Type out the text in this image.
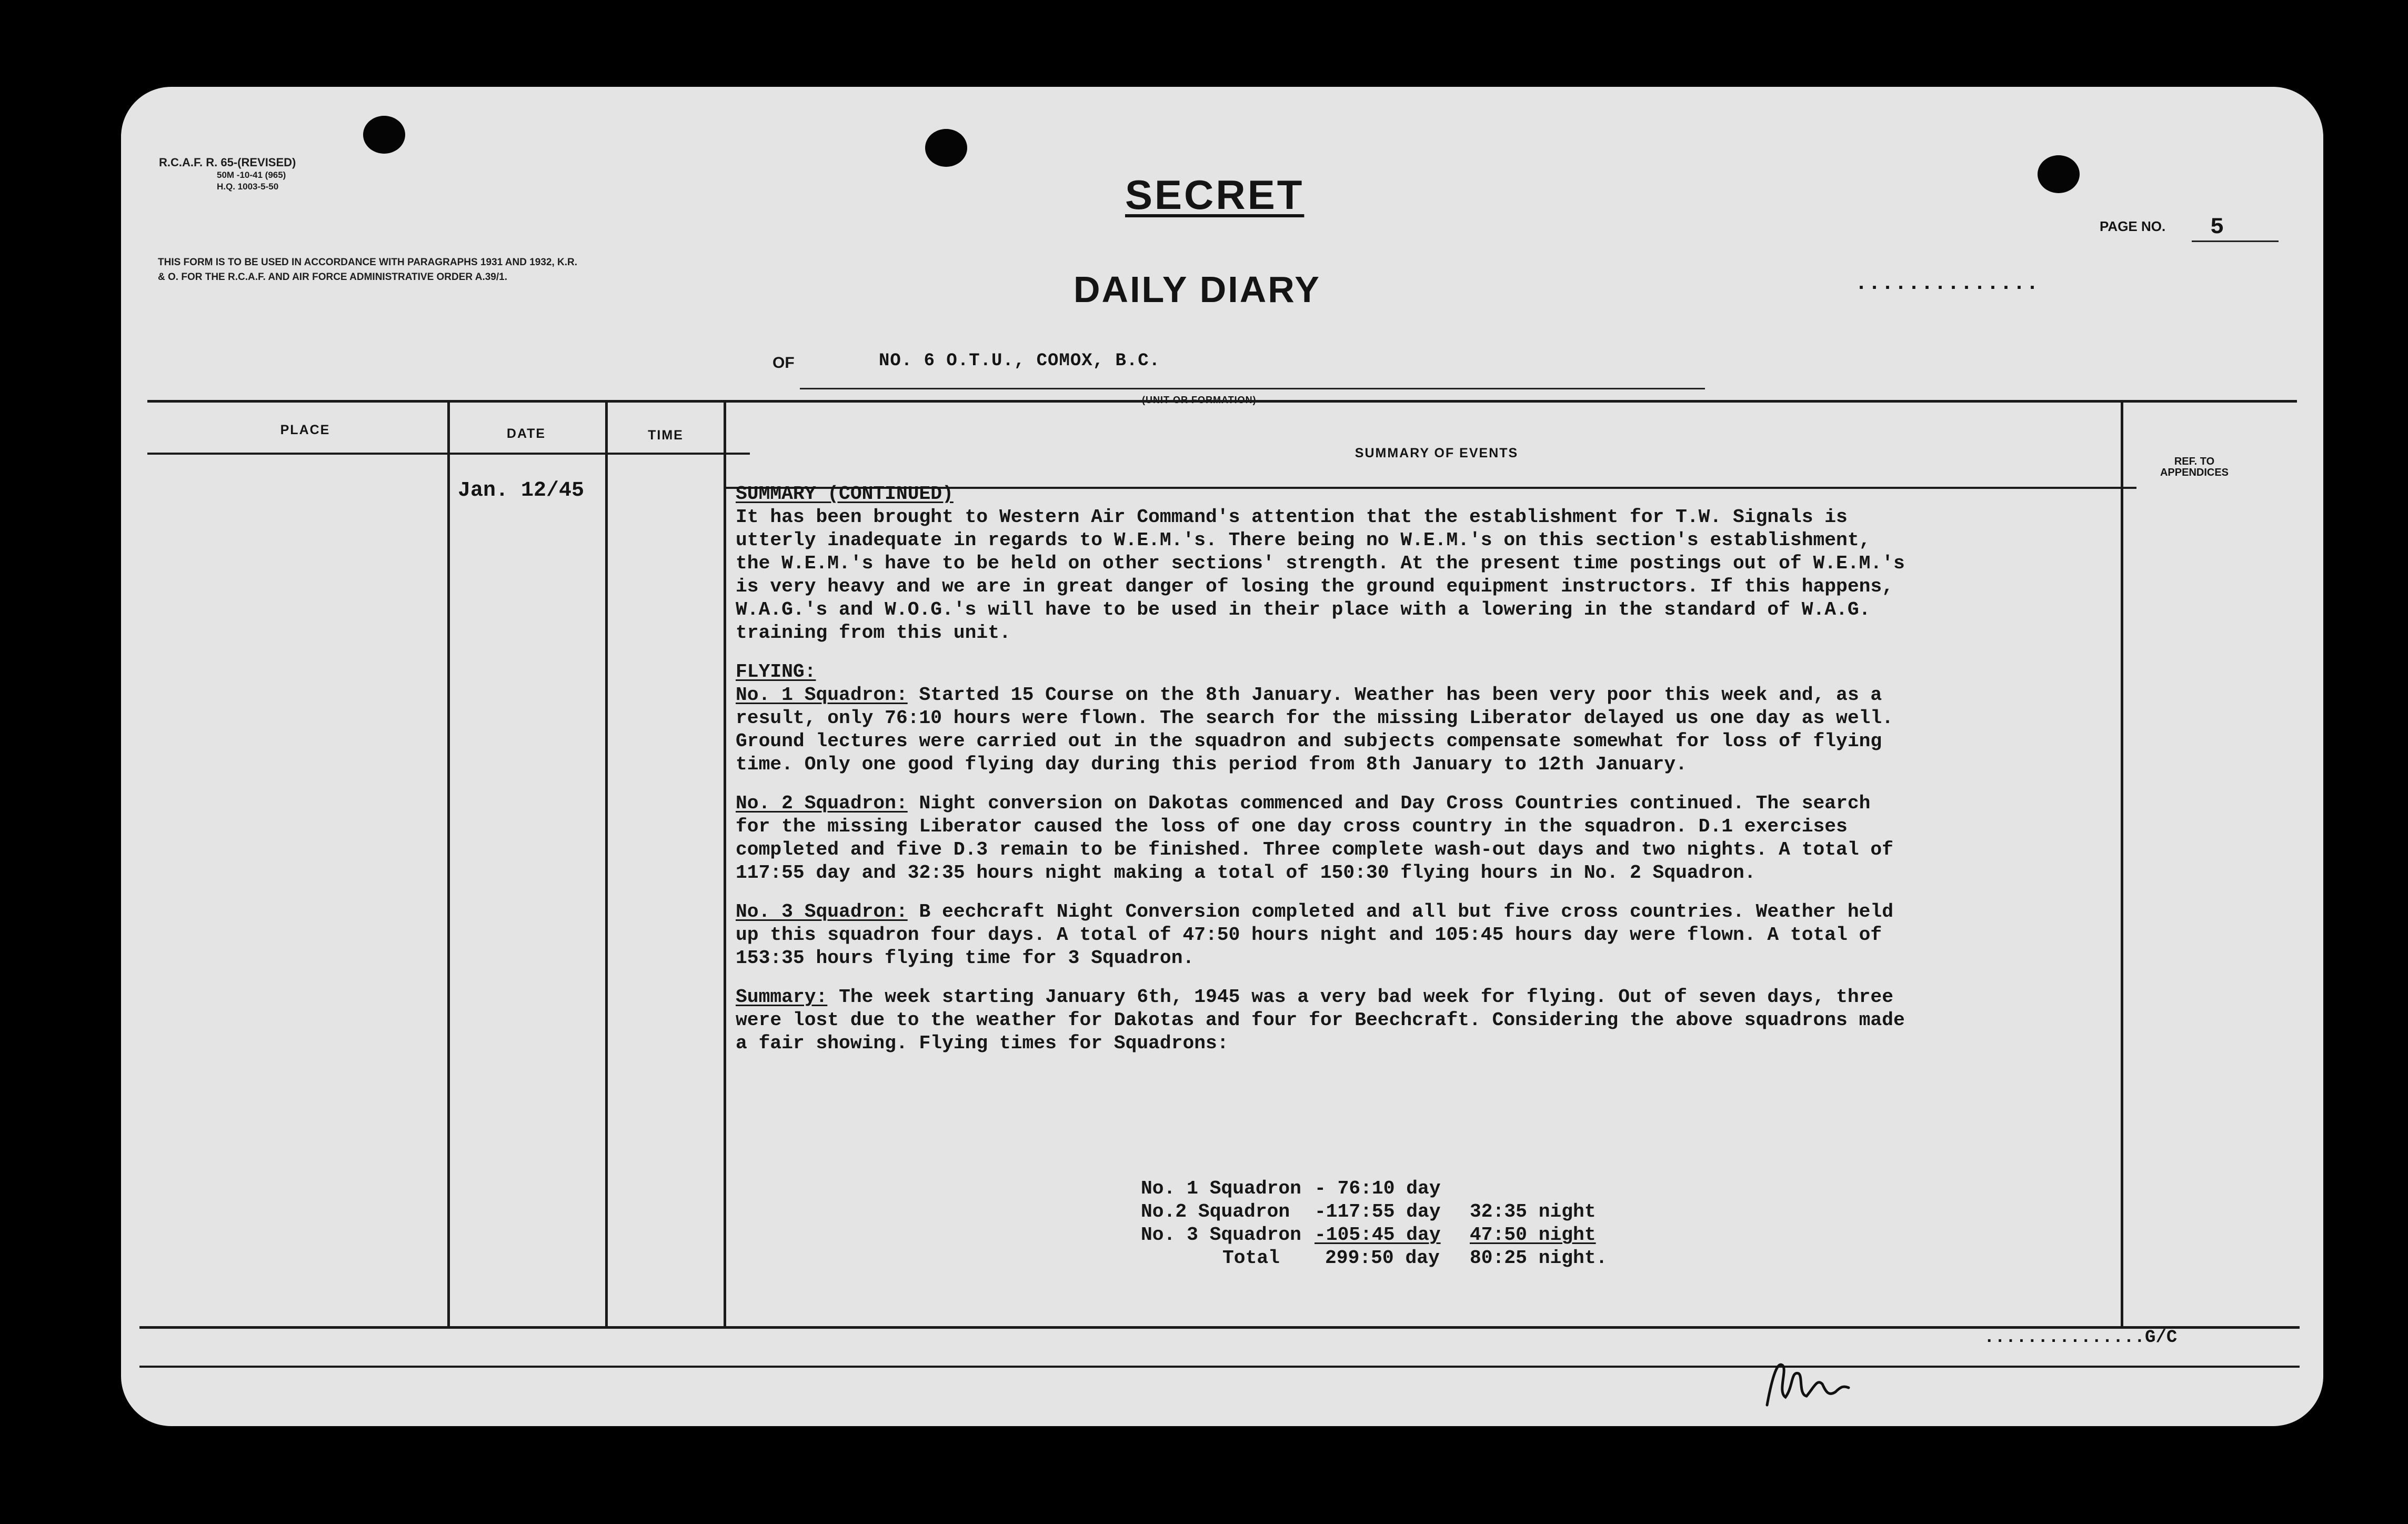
R.C.A.F. R. 65-(REVISED)
50M -10-41 (965)
H.Q. 1003-5-50
THIS FORM IS TO BE USED IN ACCORDANCE WITH PARAGRAPHS 1931 AND 1932, K.R. & O. FOR THE R.C.A.F. AND AIR FORCE ADMINISTRATIVE ORDER A.39/1.
SECRET
DAILY DIARY
PAGE NO. 5
..............
OF	NO. 6 O.T.U., COMOX, B.C.
PLACE	DATE	TIME
SUMMARY OF EVENTS
REF. TO APPENDICES
Jan. 12/45	SUMMARY (CONTINUED)

It has been brought to Western Air Command's attention that the establishment for T.W. Signals is

utterly inadequate in regards to W.E.M.'s. There being no W.E.M.'s on this section's establishment,

the W.E.M.'s have to be held on other sections' strength. At the present time postings out of W.E.M.'s

is very heavy and we are in great danger of losing the ground equipment instructors. If this happens,

W.A.G.'s and W.O.G.'s will have to be used in their place with a lowering in the standard of W.A.G.

training from this unit.

FLYING:

No. 1 Squadron: Started 15 Course on the 8th January. Weather has been very poor this week and, as a

result, only 76:10 hours were flown. The search for the missing Liberator delayed us one day as well.

Ground lectures were carried out in the squadron and subjects compensate somewhat for loss of flying

time. Only one good flying day during this period from 8th January to 12th January.

No. 2 Squadron: Night conversion on Dakotas commenced and Day Cross Countries continued. The search

for the missing Liberator caused the loss of one day cross country in the squadron. D.1 exercises

completed and five D.3 remain to be finished. Three complete wash-out days and two nights. A total of

117:55 day and 32:35 hours night making a total of 150:30 flying hours in No. 2 Squadron.

No. 3 Squadron: B eechcraft Night Conversion completed and all but five cross countries. Weather held

up this squadron four days. A total of 47:50 hours night and 105:45 hours day were flown. A total of

153:35 hours flying time for 3 Squadron.

Summary: The week starting January 6th, 1945 was a very bad week for flying. Out of seven days, three

were lost due to the weather for Dakotas and four for Beechcraft. Considering the above squadrons made

a fair showing. Flying times for Squadrons:

No. 1 Squadron - 76:10 day
No.2 Squadron -117:55 day 32:35 night
No. 3 Squadron -105:45 day 47:50 night
Total 299:50 day 80:25 night.
...............G/C
